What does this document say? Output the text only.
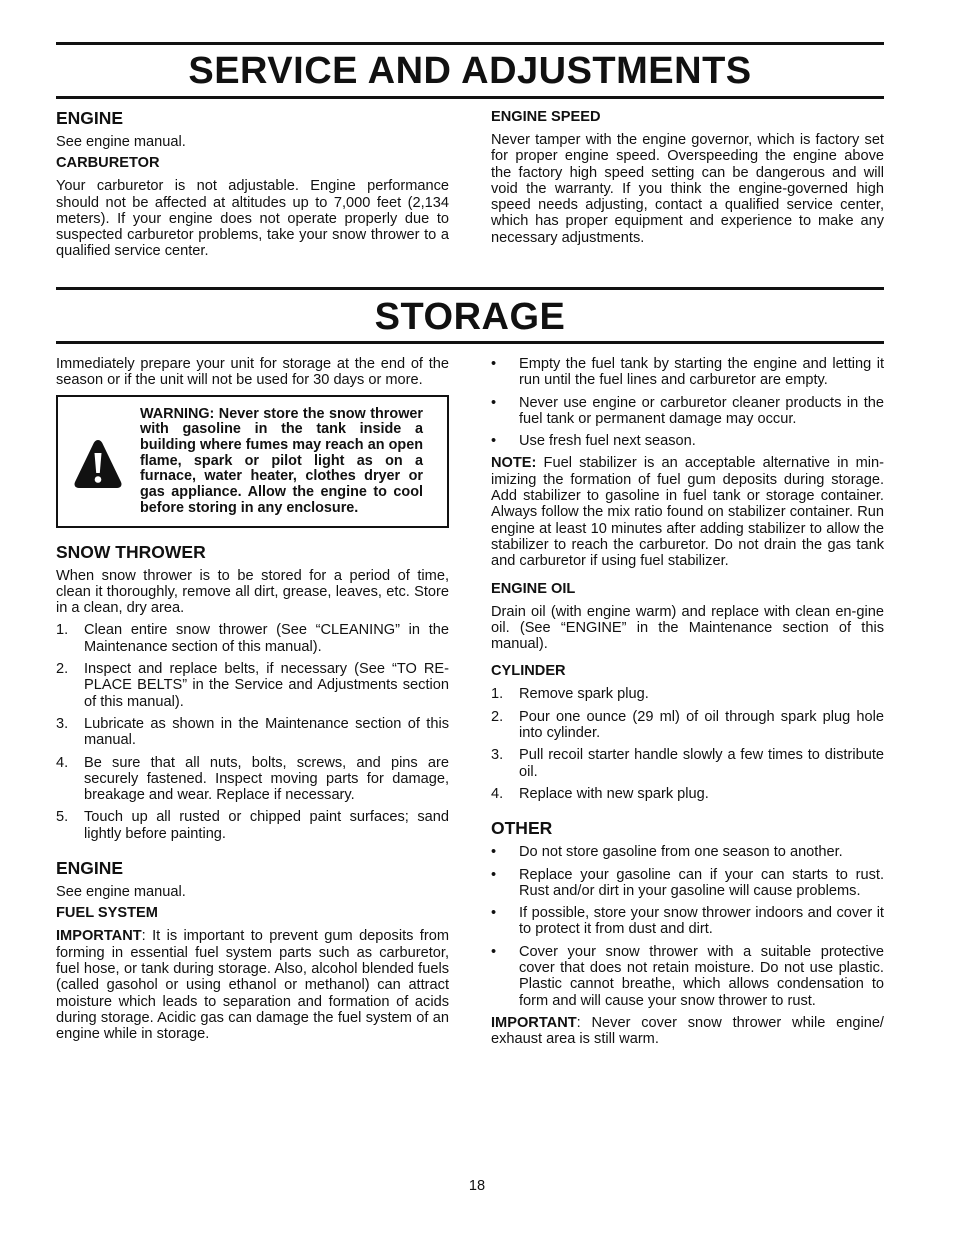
SERVICE AND ADJUSTMENTS
ENGINE

See engine manual.

CARBURETOR

Your carburetor is not adjustable. Engine performance should not be affected at altitudes up to 7,000 feet (2,134 meters). If your engine does not operate properly due to suspected carburetor problems, take your snow thrower to a qualified service center.

ENGINE SPEED

Never tamper with the engine governor, which is factory set for proper engine speed. Overspeeding the engine above the factory high speed setting can be dangerous and will void the warranty. If you think the engine-governed high speed needs adjusting, contact a qualified service center, which has proper equipment and experience to make any necessary adjustments.

STORAGE

Immediately prepare your unit for storage at the end of the season or if the unit will not be used for 30 days or more.

WARNING: Never store the snow thrower with gasoline in the tank inside a building where fumes may reach an open flame, spark or pilot light as on a furnace, water heater, clothes dryer or gas appliance. Allow the engine to cool before storing in any enclosure.
SNOW THROWER

When snow thrower is to be stored for a period of time, clean it thoroughly, remove all dirt, grease, leaves, etc. Store in a clean, dry area.

1.	Clean entire snow thrower (See “CLEANING” in the Maintenance section of this manual).
2.	Inspect and replace belts, if necessary (See “TO RE-PLACE BELTS” in the Service and Adjustments section of this manual).
3.	Lubricate as shown in the Maintenance section of this manual.
4.	Be sure that all nuts, bolts, screws, and pins are securely fastened. Inspect moving parts for damage, breakage and wear. Replace if necessary.
5.	Touch up all rusted or chipped paint surfaces; sand lightly before painting.
ENGINE

See engine manual.

FUEL SYSTEM

IMPORTANT: It is important to prevent gum deposits from forming in essential fuel system parts such as carburetor, fuel hose, or tank during storage. Also, alcohol blended fuels (called gasohol or using ethanol or methanol) can attract moisture which leads to separation and formation of acids during storage. Acidic gas can damage the fuel system of an engine while in storage.

•	Empty the fuel tank by starting the engine and letting it run until the fuel lines and carburetor are empty.
•	Never use engine or carburetor cleaner products in the fuel tank or permanent damage may occur.
•	Use fresh fuel next season.

NOTE: Fuel stabilizer is an acceptable alternative in min-imizing the formation of fuel gum deposits during storage. Add stabilizer to gasoline in fuel tank or storage container. Always follow the mix ratio found on stabilizer container. Run engine at least 10 minutes after adding stabilizer to allow the stabilizer to reach the carburetor. Do not drain the gas tank and carburetor if using fuel stabilizer.

ENGINE OIL

Drain oil (with engine warm) and replace with clean en-gine oil. (See “ENGINE” in the Maintenance section of this manual).

CYLINDER
1.	Remove spark plug.
2.	Pour one ounce (29 ml) of oil through spark plug hole into cylinder.
3.	Pull recoil starter handle slowly a few times to distribute oil.
4.	Replace with new spark plug.
OTHER
•	Do not store gasoline from one season to another.
•	Replace your gasoline can if your can starts to rust. Rust and/or dirt in your gasoline will cause problems.
•	If possible, store your snow thrower indoors and cover it to protect it from dust and dirt.
•	Cover your snow thrower with a suitable protective cover that does not retain moisture. Do not use plastic. Plastic cannot breathe, which allows condensation to form and will cause your snow thrower to rust.

IMPORTANT: Never cover snow thrower while engine/ exhaust area is still warm.

18
